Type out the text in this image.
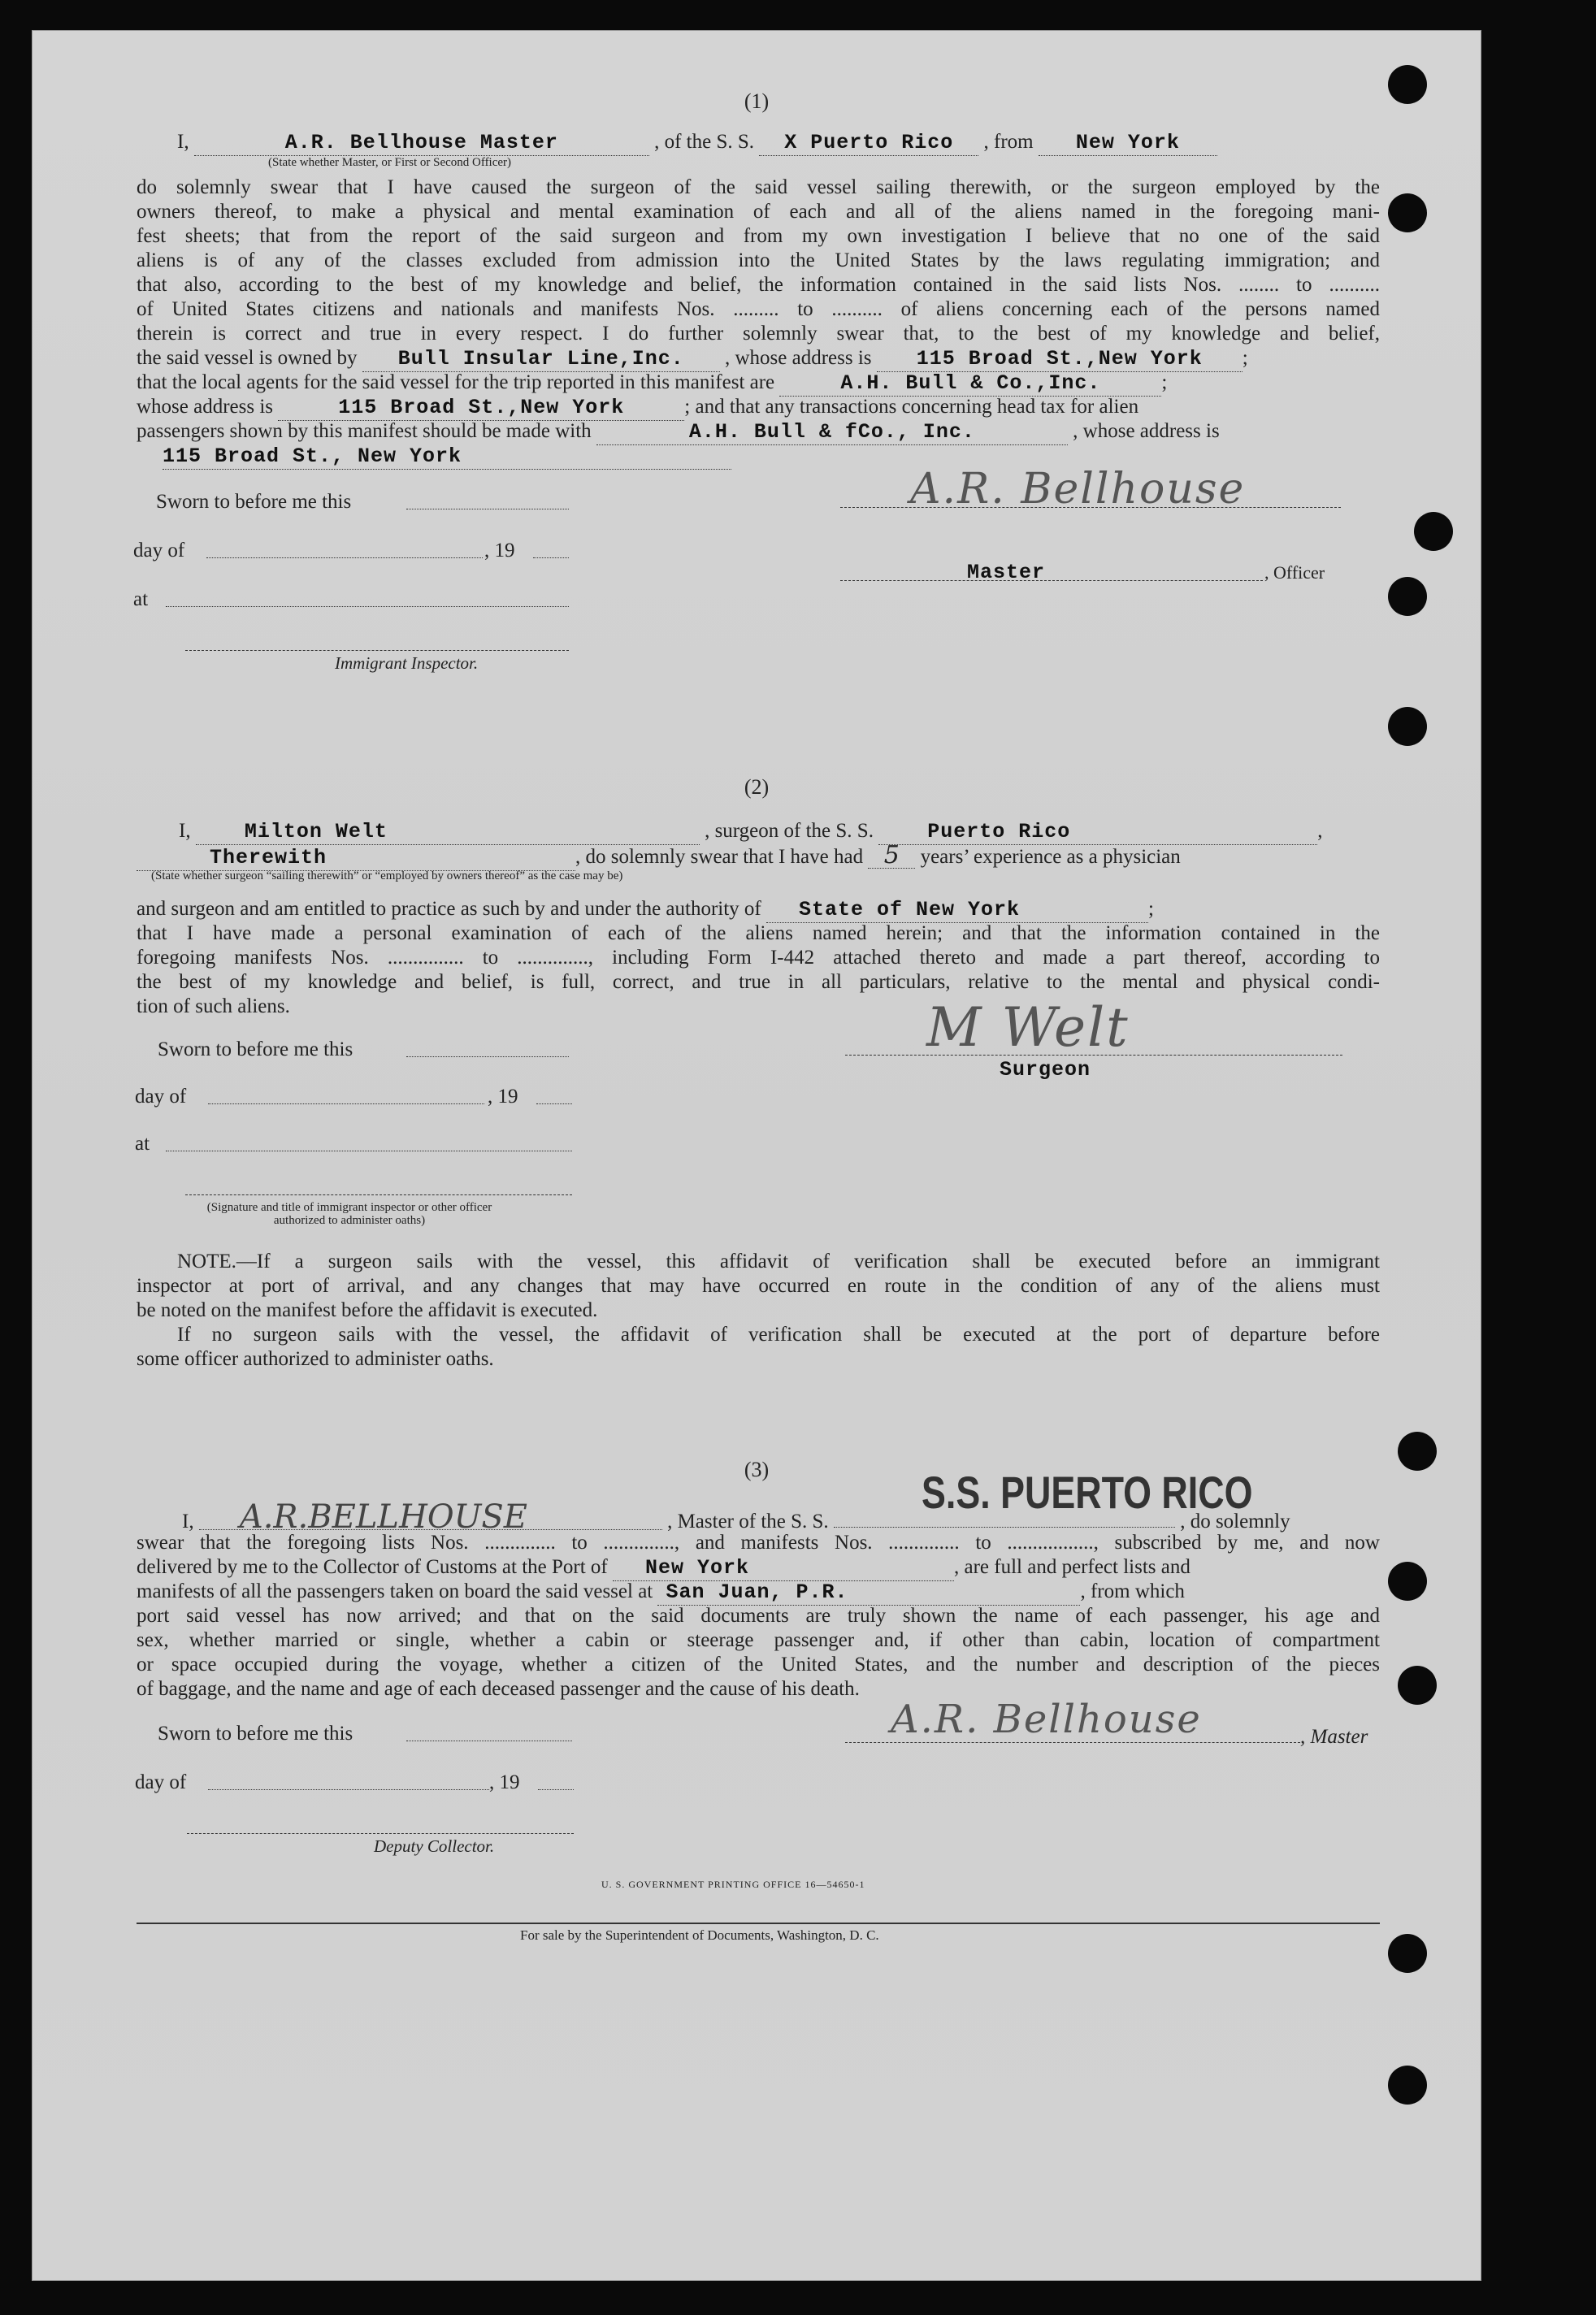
(1)
I,	A.R. Bellhouse Master	, of the S. S. X Puerto Rico , from New York
(State whether Master, or First or Second Officer)
do solemnly swear that I have caused the surgeon of the said vessel sailing therewith, or the surgeon employed by the
owners thereof, to make a physical and mental examination of each and all of the aliens named in the foregoing mani-
fest sheets; that from the report of the said surgeon and from my own investigation I believe that no one of the said
aliens is of any of the classes excluded from admission into the United States by the laws regulating immigration; and
that also, according to the best of my knowledge and belief, the information contained in the said lists Nos. ........ to ..........
of United States citizens and nationals and manifests Nos. ......... to .......... of aliens concerning each of the persons named
therein is correct and true in every respect. I do further solemnly swear that, to the best of my knowledge and belief,
the said vessel is owned by Bull Insular Line,Inc. , whose address is 115 Broad St.,New York ;
that the local agents for the said vessel for the trip reported in this manifest are	A.H. Bull & Co.,Inc.	;
whose address is	115 Broad St.,New York	; and that any transactions concerning head tax for alien
passengers shown by this manifest should be made with	A.H. Bull & fCo., Inc.	, whose address is
115 Broad St., New York
Sworn to before me this
day of	, 19
at
Immigrant Inspector.
A.R. Bellhouse
Master	, Officer
(2)
I,	Milton Welt	, surgeon of the S. S.	Puerto Rico	,
Therewith	, do solemnly swear that I have had 5 years’ experience as a physician
(State whether surgeon “sailing therewith” or “employed by owners thereof” as the case may be)
and surgeon and am entitled to practice as such by and under the authority of State of New York	;
that I have made a personal examination of each of the aliens named herein; and that the information contained in the
foregoing manifests Nos. ............... to .............., including Form I-442 attached thereto and made a part thereof, according to
the best of my knowledge and belief, is full, correct, and true in all particulars, relative to the mental and physical condi-
tion of such aliens.
Sworn to before me this
day of	, 19
at
(Signature and title of immigrant inspector or other officer authorized to administer oaths)
M Welt
Surgeon
NOTE.—If a surgeon sails with the vessel, this affidavit of verification shall be executed before an immigrant
inspector at port of arrival, and any changes that may have occurred en route in the condition of any of the aliens must
be noted on the manifest before the affidavit is executed.
If no surgeon sails with the vessel, the affidavit of verification shall be executed at the port of departure before
some officer authorized to administer oaths.
(3)	S.S. PUERTO RICO
I, A.R.BELLHOUSE	, Master of the S. S.	, do solemnly
swear that the foregoing lists Nos. .............. to .............., and manifests Nos. .............. to ................., subscribed by me, and now
delivered by me to the Collector of Customs at the Port of New York	, are full and perfect lists and
manifests of all the passengers taken on board the said vessel at San Juan, P.R.	, from which
port said vessel has now arrived; and that on the said documents are truly shown the name of each passenger, his age and
sex, whether married or single, whether a cabin or steerage passenger and, if other than cabin, location of compartment
or space occupied during the voyage, whether a citizen of the United States, and the number and description of the pieces
of baggage, and the name and age of each deceased passenger and the cause of his death.
Sworn to before me this	A.R. Bellhouse	, Master
day of	, 19
Deputy Collector.
U. S. GOVERNMENT PRINTING OFFICE 16—54650-1
For sale by the Superintendent of Documents, Washington, D. C.
